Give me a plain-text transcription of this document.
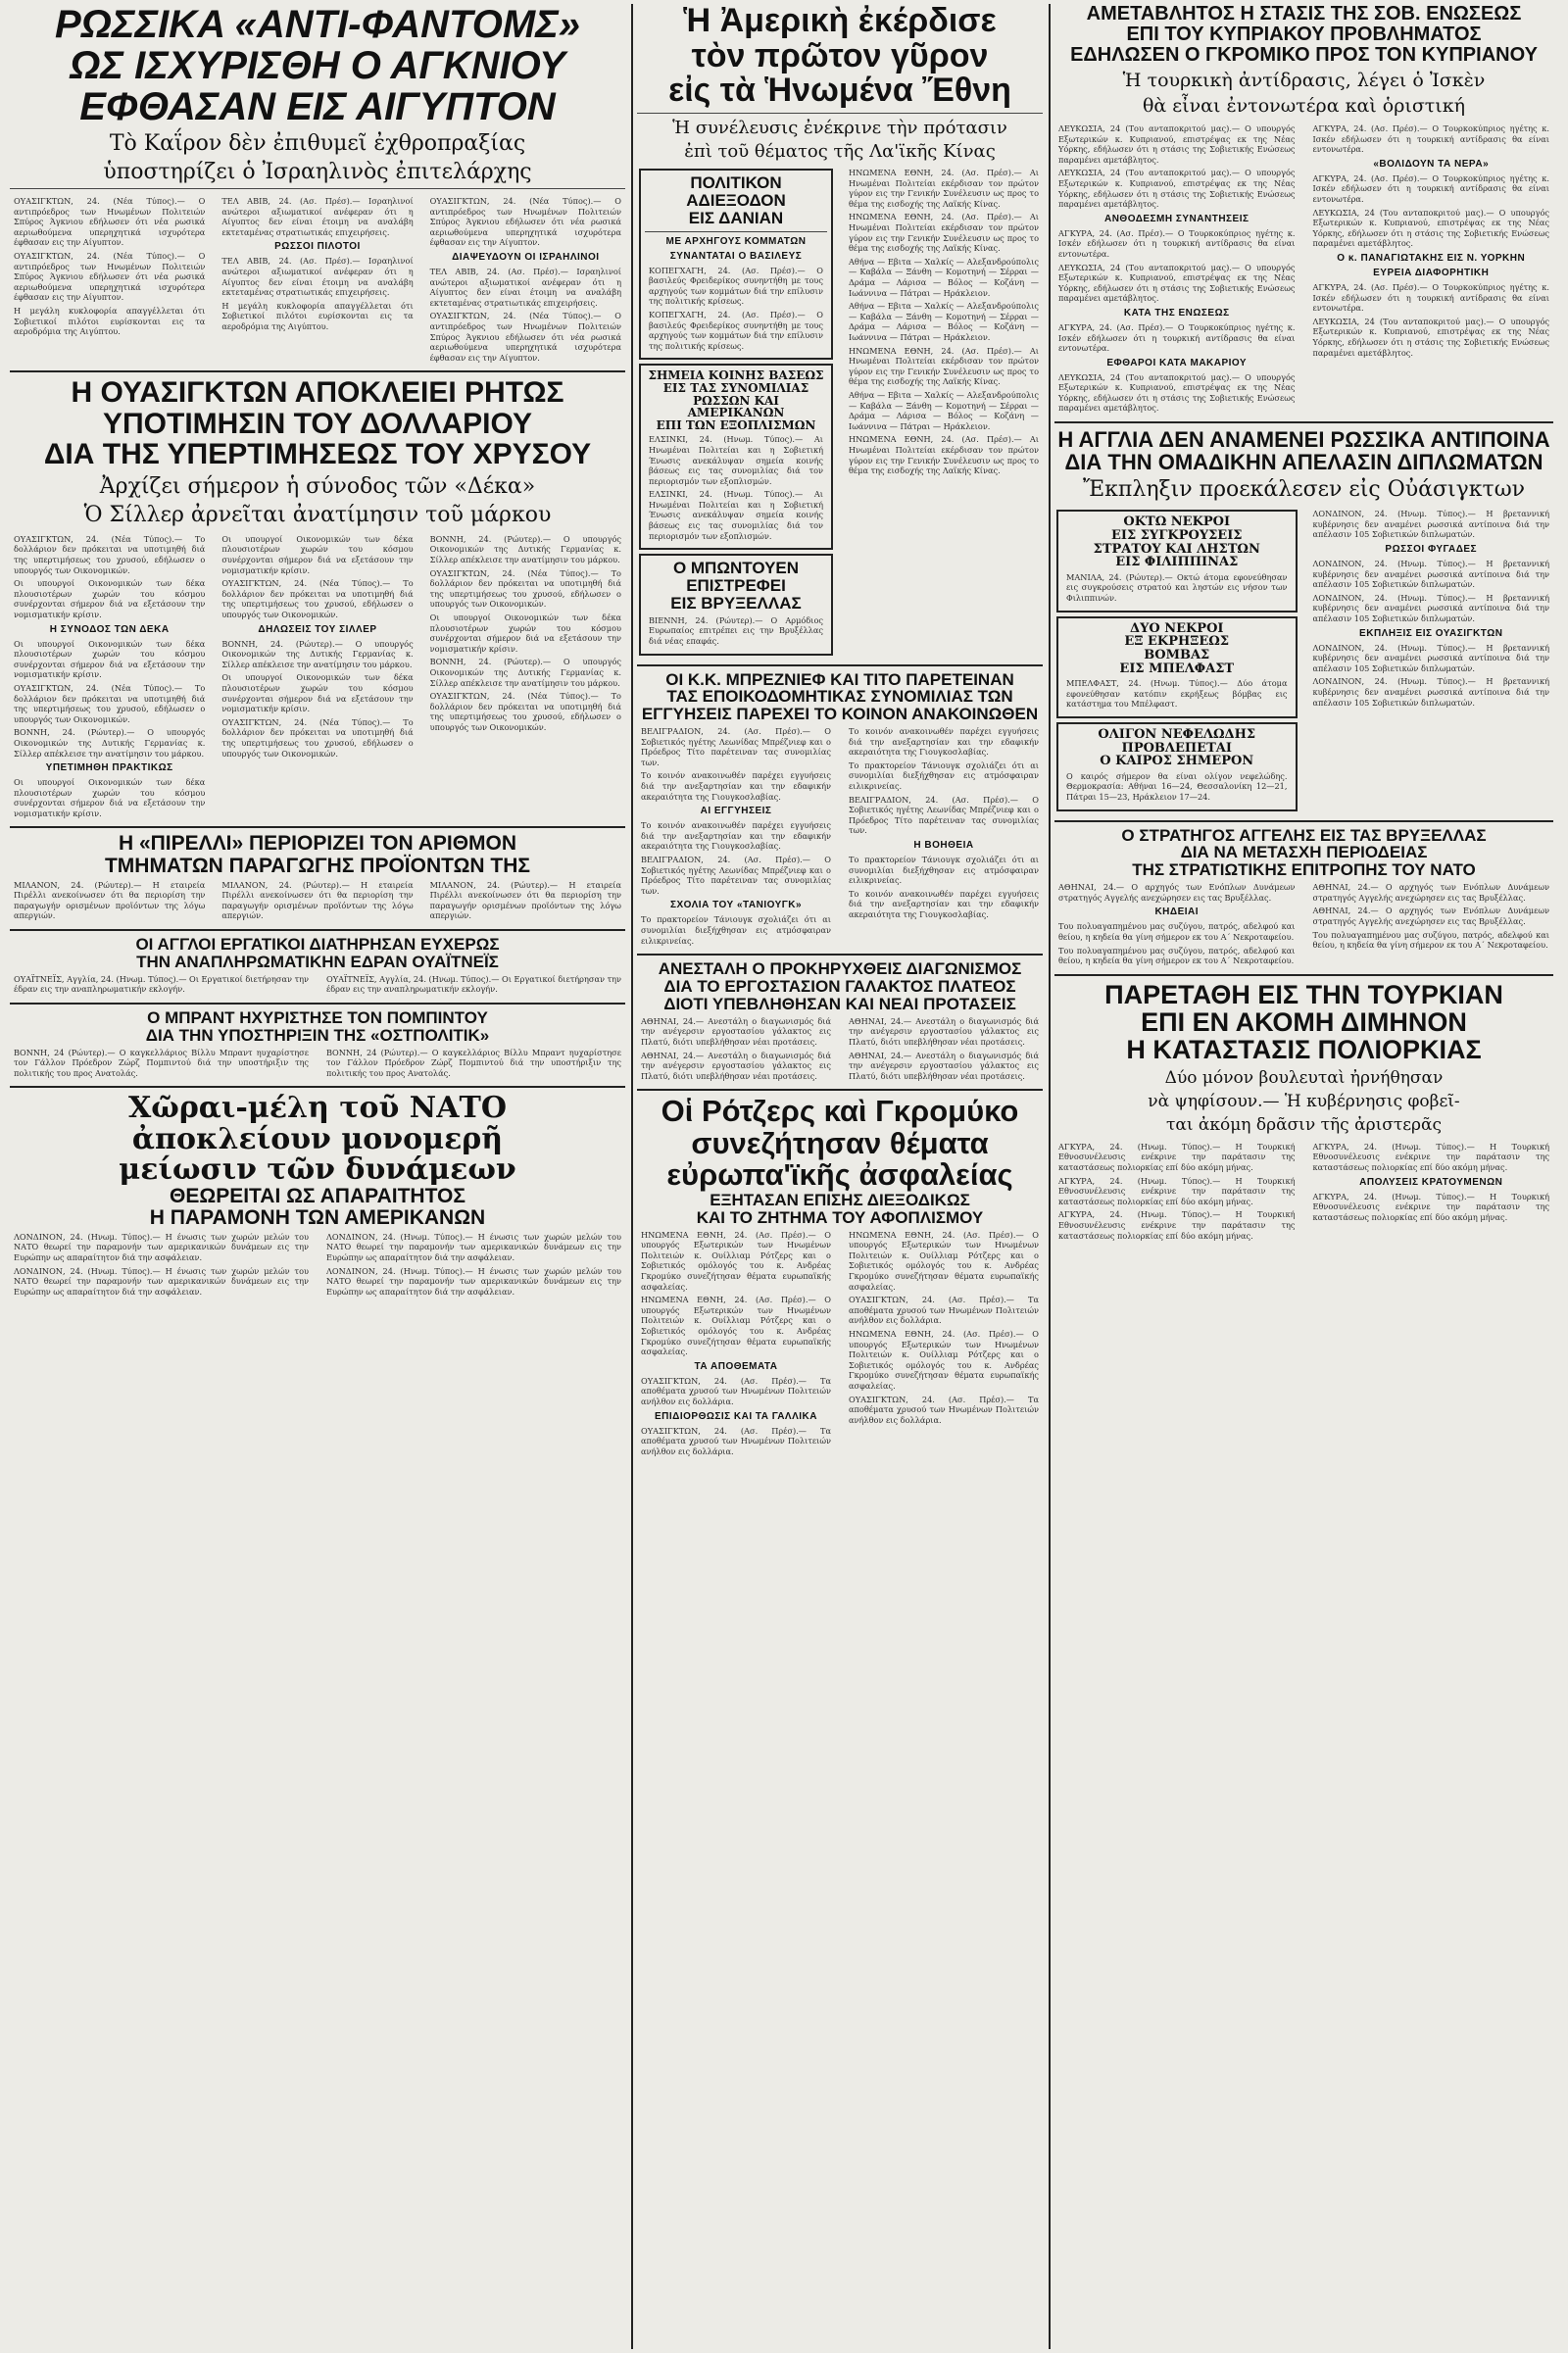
ΡΩΣΣΙΚΑ «ΑΝΤΙ-ΦΑΝΤΟΜΣ»

ΩΣ ΙΣΧΥΡΙΣΘΗ Ο ΑΓΚΝΙΟΥ

ΕΦΘΑΣΑΝ ΕΙΣ ΑΙΓΥΠΤΟΝ

Τὸ Καΐρον δὲν ἐπιθυμεῖ ἐχθροπραξίας

ὑποστηρίζει ὁ Ἰσραηλινὸς ἐπιτελάρχης

ΟΥΑΣΙΓΚΤΩΝ, 24. (Νέα Τύπος).— Ο αντιπρόεδρος των Ηνωμένων Πολιτειών Σπύρος Άγκνιου εδήλωσεν ότι νέα ρωσικά αεριωθούμενα υπερηχητικά ισχυρότερα έφθασαν εις την Αίγυπτον.

ΟΥΑΣΙΓΚΤΩΝ, 24. (Νέα Τύπος).— Ο αντιπρόεδρος των Ηνωμένων Πολιτειών Σπύρος Άγκνιου εδήλωσεν ότι νέα ρωσικά αεριωθούμενα υπερηχητικά ισχυρότερα έφθασαν εις την Αίγυπτον.

Η μεγάλη κυκλοφορία απαγγέλλεται ότι Σοβιετικοί πιλότοι ευρίσκονται εις τα αεροδρόμια της Αιγύπτου.

ΤΕΛ ΑΒΙΒ, 24. (Ασ. Πρέσ).— Ισραηλινοί ανώτεροι αξιωματικοί ανέφεραν ότι η Αίγυπτος δεν είναι έτοιμη να αναλάβη εκτεταμένας στρατιωτικάς επιχειρήσεις.

ΡΩΣΣΟΙ ΠΙΛΟΤΟΙ

ΤΕΛ ΑΒΙΒ, 24. (Ασ. Πρέσ).— Ισραηλινοί ανώτεροι αξιωματικοί ανέφεραν ότι η Αίγυπτος δεν είναι έτοιμη να αναλάβη εκτεταμένας στρατιωτικάς επιχειρήσεις.

Η μεγάλη κυκλοφορία απαγγέλλεται ότι Σοβιετικοί πιλότοι ευρίσκονται εις τα αεροδρόμια της Αιγύπτου.

ΟΥΑΣΙΓΚΤΩΝ, 24. (Νέα Τύπος).— Ο αντιπρόεδρος των Ηνωμένων Πολιτειών Σπύρος Άγκνιου εδήλωσεν ότι νέα ρωσικά αεριωθούμενα υπερηχητικά ισχυρότερα έφθασαν εις την Αίγυπτον.

ΔΙΑΨΕΥΔΟΥΝ ΟΙ ΙΣΡΑΗΛΙΝΟΙ

ΤΕΛ ΑΒΙΒ, 24. (Ασ. Πρέσ).— Ισραηλινοί ανώτεροι αξιωματικοί ανέφεραν ότι η Αίγυπτος δεν είναι έτοιμη να αναλάβη εκτεταμένας στρατιωτικάς επιχειρήσεις.

ΟΥΑΣΙΓΚΤΩΝ, 24. (Νέα Τύπος).— Ο αντιπρόεδρος των Ηνωμένων Πολιτειών Σπύρος Άγκνιου εδήλωσεν ότι νέα ρωσικά αεριωθούμενα υπερηχητικά ισχυρότερα έφθασαν εις την Αίγυπτον.

Η ΟΥΑΣΙΓΚΤΩΝ ΑΠΟΚΛΕΙΕΙ ΡΗΤΩΣ

ΥΠΟΤΙΜΗΣΙΝ ΤΟΥ ΔΟΛΛΑΡΙΟΥ

ΔΙΑ ΤΗΣ ΥΠΕΡΤΙΜΗΣΕΩΣ ΤΟΥ ΧΡΥΣΟΥ

Ἀρχίζει σήμερον ἡ σύνοδος τῶν «Δέκα»

Ὁ Σίλλερ ἀρνεῖται ἀνατίμησιν τοῦ μάρκου

ΟΥΑΣΙΓΚΤΩΝ, 24. (Νέα Τύπος).— Το δολλάριον δεν πρόκειται να υποτιμηθή διά της υπερτιμήσεως του χρυσού, εδήλωσεν ο υπουργός των Οικονομικών.

Οι υπουργοί Οικονομικών των δέκα πλουσιοτέρων χωρών του κόσμου συνέρχονται σήμερον διά να εξετάσουν την νομισματικήν κρίσιν.

Η ΣΥΝΟΔΟΣ ΤΩΝ ΔΕΚΑ

Οι υπουργοί Οικονομικών των δέκα πλουσιοτέρων χωρών του κόσμου συνέρχονται σήμερον διά να εξετάσουν την νομισματικήν κρίσιν.

ΟΥΑΣΙΓΚΤΩΝ, 24. (Νέα Τύπος).— Το δολλάριον δεν πρόκειται να υποτιμηθή διά της υπερτιμήσεως του χρυσού, εδήλωσεν ο υπουργός των Οικονομικών.

ΒΟΝΝΗ, 24. (Ρώυτερ).— Ο υπουργός Οικονομικών της Δυτικής Γερμανίας κ. Σίλλερ απέκλεισε την ανατίμησιν του μάρκου.

ΥΠΕΤΙΜΗΘΗ ΠΡΑΚΤΙΚΩΣ

Οι υπουργοί Οικονομικών των δέκα πλουσιοτέρων χωρών του κόσμου συνέρχονται σήμερον διά να εξετάσουν την νομισματικήν κρίσιν.

Οι υπουργοί Οικονομικών των δέκα πλουσιοτέρων χωρών του κόσμου συνέρχονται σήμερον διά να εξετάσουν την νομισματικήν κρίσιν.

ΟΥΑΣΙΓΚΤΩΝ, 24. (Νέα Τύπος).— Το δολλάριον δεν πρόκειται να υποτιμηθή διά της υπερτιμήσεως του χρυσού, εδήλωσεν ο υπουργός των Οικονομικών.

ΔΗΛΩΣΕΙΣ ΤΟΥ ΣΙΛΛΕΡ

ΒΟΝΝΗ, 24. (Ρώυτερ).— Ο υπουργός Οικονομικών της Δυτικής Γερμανίας κ. Σίλλερ απέκλεισε την ανατίμησιν του μάρκου.

Οι υπουργοί Οικονομικών των δέκα πλουσιοτέρων χωρών του κόσμου συνέρχονται σήμερον διά να εξετάσουν την νομισματικήν κρίσιν.

ΟΥΑΣΙΓΚΤΩΝ, 24. (Νέα Τύπος).— Το δολλάριον δεν πρόκειται να υποτιμηθή διά της υπερτιμήσεως του χρυσού, εδήλωσεν ο υπουργός των Οικονομικών.

ΒΟΝΝΗ, 24. (Ρώυτερ).— Ο υπουργός Οικονομικών της Δυτικής Γερμανίας κ. Σίλλερ απέκλεισε την ανατίμησιν του μάρκου.

ΟΥΑΣΙΓΚΤΩΝ, 24. (Νέα Τύπος).— Το δολλάριον δεν πρόκειται να υποτιμηθή διά της υπερτιμήσεως του χρυσού, εδήλωσεν ο υπουργός των Οικονομικών.

Οι υπουργοί Οικονομικών των δέκα πλουσιοτέρων χωρών του κόσμου συνέρχονται σήμερον διά να εξετάσουν την νομισματικήν κρίσιν.

ΒΟΝΝΗ, 24. (Ρώυτερ).— Ο υπουργός Οικονομικών της Δυτικής Γερμανίας κ. Σίλλερ απέκλεισε την ανατίμησιν του μάρκου.

ΟΥΑΣΙΓΚΤΩΝ, 24. (Νέα Τύπος).— Το δολλάριον δεν πρόκειται να υποτιμηθή διά της υπερτιμήσεως του χρυσού, εδήλωσεν ο υπουργός των Οικονομικών.

Η «ΠΙΡΕΛΛΙ» ΠΕΡΙΟΡΙΖΕΙ ΤΟΝ ΑΡΙΘΜΟΝ

ΤΜΗΜΑΤΩΝ ΠΑΡΑΓΩΓΗΣ ΠΡΟΪΟΝΤΩΝ ΤΗΣ

ΜΙΛΑΝΟΝ, 24. (Ρώυτερ).— Η εταιρεία Πιρέλλι ανεκοίνωσεν ότι θα περιορίση την παραγωγήν ορισμένων προϊόντων της λόγω απεργιών.

ΜΙΛΑΝΟΝ, 24. (Ρώυτερ).— Η εταιρεία Πιρέλλι ανεκοίνωσεν ότι θα περιορίση την παραγωγήν ορισμένων προϊόντων της λόγω απεργιών.

ΜΙΛΑΝΟΝ, 24. (Ρώυτερ).— Η εταιρεία Πιρέλλι ανεκοίνωσεν ότι θα περιορίση την παραγωγήν ορισμένων προϊόντων της λόγω απεργιών.

ΟΙ ΑΓΓΛΟΙ ΕΡΓΑΤΙΚΟΙ ΔΙΑΤΗΡΗΣΑΝ ΕΥΧΕΡΩΣ

ΤΗΝ ΑΝΑΠΛΗΡΩΜΑΤΙΚΗΝ ΕΔΡΑΝ ΟΥΑΪΤΝΕΪΣ

ΟΥΑΪΤΝΕΪΣ, Αγγλία, 24. (Ηνωμ. Τύπος).— Οι Εργατικοί διετήρησαν την έδραν εις την αναπληρωματικήν εκλογήν.

ΟΥΑΪΤΝΕΪΣ, Αγγλία, 24. (Ηνωμ. Τύπος).— Οι Εργατικοί διετήρησαν την έδραν εις την αναπληρωματικήν εκλογήν.

Ο ΜΠΡΑΝΤ ΗΧΥΡΙΣΤΗΣΕ ΤΟΝ ΠΟΜΠΙΝΤΟΥ

ΔΙΑ ΤΗΝ ΥΠΟΣΤΗΡΙΞΙΝ ΤΗΣ «ΟΣΤΠΟΛΙΤΙΚ»

ΒΟΝΝΗ, 24 (Ρώυτερ).— Ο καγκελλάριος Βίλλυ Μπραντ ηυχαρίστησε τον Γάλλον Πρόεδρον Ζώρζ Πομπιντού διά την υποστήριξιν της πολιτικής του προς Ανατολάς.

ΒΟΝΝΗ, 24 (Ρώυτερ).— Ο καγκελλάριος Βίλλυ Μπραντ ηυχαρίστησε τον Γάλλον Πρόεδρον Ζώρζ Πομπιντού διά την υποστήριξιν της πολιτικής του προς Ανατολάς.

Χῶραι-μέλη τοῦ ΝΑΤΟ

ἀποκλείουν μονομερῆ

μείωσιν τῶν δυνάμεων

ΘΕΩΡΕΙΤΑΙ ΩΣ ΑΠΑΡΑΙΤΗΤΟΣ

Η ΠΑΡΑΜΟΝΗ ΤΩΝ ΑΜΕΡΙΚΑΝΩΝ

ΛΟΝΔΙΝΟΝ, 24. (Ηνωμ. Τύπος).— Η ένωσις των χωρών μελών του ΝΑΤΟ θεωρεί την παραμονήν των αμερικανικών δυνάμεων εις την Ευρώπην ως απαραίτητον διά την ασφάλειαν.

ΛΟΝΔΙΝΟΝ, 24. (Ηνωμ. Τύπος).— Η ένωσις των χωρών μελών του ΝΑΤΟ θεωρεί την παραμονήν των αμερικανικών δυνάμεων εις την Ευρώπην ως απαραίτητον διά την ασφάλειαν.

ΛΟΝΔΙΝΟΝ, 24. (Ηνωμ. Τύπος).— Η ένωσις των χωρών μελών του ΝΑΤΟ θεωρεί την παραμονήν των αμερικανικών δυνάμεων εις την Ευρώπην ως απαραίτητον διά την ασφάλειαν.

ΛΟΝΔΙΝΟΝ, 24. (Ηνωμ. Τύπος).— Η ένωσις των χωρών μελών του ΝΑΤΟ θεωρεί την παραμονήν των αμερικανικών δυνάμεων εις την Ευρώπην ως απαραίτητον διά την ασφάλειαν.

Ἡ Ἀμερικὴ ἐκέρδισε

τὸν πρῶτον γῦρον

εἰς τὰ Ἡνωμένα Ἔθνη

Ἡ συνέλευσις ἐνέκρινε τὴν πρότασιν

ἐπὶ τοῦ θέματος τῆς Λα'ϊκῆς Κίνας

ΠΟΛΙΤΙΚΟΝ

ΑΔΙΕΞΟΔΟΝ

ΕΙΣ ΔΑΝΙΑΝ

ΜΕ ΑΡΧΗΓΟΥΣ ΚΟΜΜΑΤΩΝ

ΣΥΝΑΝΤΑΤΑΙ Ο ΒΑΣΙΛΕΥΣ

ΚΟΠΕΓΧΑΓΗ, 24. (Ασ. Πρέσ).— Ο βασιλεύς Φρειδερίκος συνηντήθη με τους αρχηγούς των κομμάτων διά την επίλυσιν της πολιτικής κρίσεως.

ΚΟΠΕΓΧΑΓΗ, 24. (Ασ. Πρέσ).— Ο βασιλεύς Φρειδερίκος συνηντήθη με τους αρχηγούς των κομμάτων διά την επίλυσιν της πολιτικής κρίσεως.

ΣΗΜΕΙΑ ΚΟΙΝΗΣ ΒΑΣΕΩΣ

ΕΙΣ ΤΑΣ ΣΥΝΟΜΙΛΙΑΣ

ΡΩΣΣΩΝ ΚΑΙ ΑΜΕΡΙΚΑΝΩΝ

ΕΠΙ ΤΩΝ ΕΞΟΠΛΙΣΜΩΝ

ΕΛΣΙΝΚΙ, 24. (Ηνωμ. Τύπος).— Αι Ηνωμέναι Πολιτείαι και η Σοβιετική Ένωσις ανεκάλυψαν σημεία κοινής βάσεως εις τας συνομιλίας διά τον περιορισμόν των εξοπλισμών.

ΕΛΣΙΝΚΙ, 24. (Ηνωμ. Τύπος).— Αι Ηνωμέναι Πολιτείαι και η Σοβιετική Ένωσις ανεκάλυψαν σημεία κοινής βάσεως εις τας συνομιλίας διά τον περιορισμόν των εξοπλισμών.

Ο ΜΠΩΝΤΟΥΕΝ

ΕΠΙΣΤΡΕΦΕΙ

ΕΙΣ ΒΡΥΞΕΛΛΑΣ

ΒΙΕΝΝΗ, 24. (Ρώυτερ).— Ο Αρμόδιος Ευρωπαίος επιτρέπει εις την Βρυξέλλας διά νέας επαφάς.

ΗΝΩΜΕΝΑ ΕΘΝΗ, 24. (Ασ. Πρέσ).— Αι Ηνωμέναι Πολιτείαι εκέρδισαν τον πρώτον γύρον εις την Γενικήν Συνέλευσιν ως προς το θέμα της εισδοχής της Λαϊκής Κίνας.

ΗΝΩΜΕΝΑ ΕΘΝΗ, 24. (Ασ. Πρέσ).— Αι Ηνωμέναι Πολιτείαι εκέρδισαν τον πρώτον γύρον εις την Γενικήν Συνέλευσιν ως προς το θέμα της εισδοχής της Λαϊκής Κίνας.

Αθήνα — Εβιτα — Χαλκίς — Αλεξανδρούπολις — Καβάλα — Ξάνθη — Κομοτηνή — Σέρραι — Δράμα — Λάρισα — Βόλος — Κοζάνη — Ιωάννινα — Πάτραι — Ηράκλειον.

Αθήνα — Εβιτα — Χαλκίς — Αλεξανδρούπολις — Καβάλα — Ξάνθη — Κομοτηνή — Σέρραι — Δράμα — Λάρισα — Βόλος — Κοζάνη — Ιωάννινα — Πάτραι — Ηράκλειον.

ΗΝΩΜΕΝΑ ΕΘΝΗ, 24. (Ασ. Πρέσ).— Αι Ηνωμέναι Πολιτείαι εκέρδισαν τον πρώτον γύρον εις την Γενικήν Συνέλευσιν ως προς το θέμα της εισδοχής της Λαϊκής Κίνας.

Αθήνα — Εβιτα — Χαλκίς — Αλεξανδρούπολις — Καβάλα — Ξάνθη — Κομοτηνή — Σέρραι — Δράμα — Λάρισα — Βόλος — Κοζάνη — Ιωάννινα — Πάτραι — Ηράκλειον.

ΗΝΩΜΕΝΑ ΕΘΝΗ, 24. (Ασ. Πρέσ).— Αι Ηνωμέναι Πολιτείαι εκέρδισαν τον πρώτον γύρον εις την Γενικήν Συνέλευσιν ως προς το θέμα της εισδοχής της Λαϊκής Κίνας.

ΟΙ Κ.Κ. ΜΠΡΕΖΝΙΕΦ ΚΑΙ ΤΙΤΟ ΠΑΡΕΤΕΙΝΑΝ

ΤΑΣ ΕΠΟΙΚΟΔΟΜΗΤΙΚΑΣ ΣΥΝΟΜΙΛΙΑΣ ΤΩΝ

ΕΓΓΥΗΣΕΙΣ ΠΑΡΕΧΕΙ ΤΟ ΚΟΙΝΟΝ ΑΝΑΚΟΙΝΩΘΕΝ

ΒΕΛΙΓΡΑΔΙΟΝ, 24. (Ασ. Πρέσ).— Ο Σοβιετικός ηγέτης Λεωνίδας Μπρέζνιεφ και ο Πρόεδρος Τίτο παρέτειναν τας συνομιλίας των.

Το κοινόν ανακοινωθέν παρέχει εγγυήσεις διά την ανεξαρτησίαν και την εδαφικήν ακεραιότητα της Γιουγκοσλαβίας.

ΑΙ ΕΓΓΥΗΣΕΙΣ

Το κοινόν ανακοινωθέν παρέχει εγγυήσεις διά την ανεξαρτησίαν και την εδαφικήν ακεραιότητα της Γιουγκοσλαβίας.

ΒΕΛΙΓΡΑΔΙΟΝ, 24. (Ασ. Πρέσ).— Ο Σοβιετικός ηγέτης Λεωνίδας Μπρέζνιεφ και ο Πρόεδρος Τίτο παρέτειναν τας συνομιλίας των.

ΣΧΟΛΙΑ ΤΟΥ «ΤΑΝΙΟΥΓΚ»

Το πρακτορείον Τάνιουγκ σχολιάζει ότι αι συνομιλίαι διεξήχθησαν εις ατμόσφαιραν ειλικρινείας.

Το κοινόν ανακοινωθέν παρέχει εγγυήσεις διά την ανεξαρτησίαν και την εδαφικήν ακεραιότητα της Γιουγκοσλαβίας.

Το πρακτορείον Τάνιουγκ σχολιάζει ότι αι συνομιλίαι διεξήχθησαν εις ατμόσφαιραν ειλικρινείας.

ΒΕΛΙΓΡΑΔΙΟΝ, 24. (Ασ. Πρέσ).— Ο Σοβιετικός ηγέτης Λεωνίδας Μπρέζνιεφ και ο Πρόεδρος Τίτο παρέτειναν τας συνομιλίας των.

Η ΒΟΗΘΕΙΑ

Το πρακτορείον Τάνιουγκ σχολιάζει ότι αι συνομιλίαι διεξήχθησαν εις ατμόσφαιραν ειλικρινείας.

Το κοινόν ανακοινωθέν παρέχει εγγυήσεις διά την ανεξαρτησίαν και την εδαφικήν ακεραιότητα της Γιουγκοσλαβίας.

ΑΝΕΣΤΑΛΗ Ο ΠΡΟΚΗΡΥΧΘΕΙΣ ΔΙΑΓΩΝΙΣΜΟΣ

ΔΙΑ ΤΟ ΕΡΓΟΣΤΑΣΙΟΝ ΓΑΛΑΚΤΟΣ ΠΛΑΤΕΟΣ

ΔΙΟΤΙ ΥΠΕΒΛΗΘΗΣΑΝ ΚΑΙ ΝΕΑΙ ΠΡΟΤΑΣΕΙΣ

ΑΘΗΝΑΙ, 24.— Ανεστάλη ο διαγωνισμός διά την ανέγερσιν εργοστασίου γάλακτος εις Πλατύ, διότι υπεβλήθησαν νέαι προτάσεις.

ΑΘΗΝΑΙ, 24.— Ανεστάλη ο διαγωνισμός διά την ανέγερσιν εργοστασίου γάλακτος εις Πλατύ, διότι υπεβλήθησαν νέαι προτάσεις.

ΑΘΗΝΑΙ, 24.— Ανεστάλη ο διαγωνισμός διά την ανέγερσιν εργοστασίου γάλακτος εις Πλατύ, διότι υπεβλήθησαν νέαι προτάσεις.

ΑΘΗΝΑΙ, 24.— Ανεστάλη ο διαγωνισμός διά την ανέγερσιν εργοστασίου γάλακτος εις Πλατύ, διότι υπεβλήθησαν νέαι προτάσεις.

Οἱ Ρότζερς καὶ Γκρομύκο

συνεζήτησαν θέματα

εὐρωπα'ϊκῆς ἀσφαλείας

ΕΞΗΤΑΣΑΝ ΕΠΙΣΗΣ ΔΙΕΞΟΔΙΚΩΣ

ΚΑΙ ΤΟ ΖΗΤΗΜΑ ΤΟΥ ΑΦΟΠΛΙΣΜΟΥ

ΗΝΩΜΕΝΑ ΕΘΝΗ, 24. (Ασ. Πρέσ).— Ο υπουργός Εξωτερικών των Ηνωμένων Πολιτειών κ. Ουίλλιαμ Ρότζερς και ο Σοβιετικός ομόλογός του κ. Ανδρέας Γκρομύκο συνεζήτησαν θέματα ευρωπαϊκής ασφαλείας.

ΗΝΩΜΕΝΑ ΕΘΝΗ, 24. (Ασ. Πρέσ).— Ο υπουργός Εξωτερικών των Ηνωμένων Πολιτειών κ. Ουίλλιαμ Ρότζερς και ο Σοβιετικός ομόλογός του κ. Ανδρέας Γκρομύκο συνεζήτησαν θέματα ευρωπαϊκής ασφαλείας.

ΤΑ ΑΠΟΘΕΜΑΤΑ

ΟΥΑΣΙΓΚΤΩΝ, 24. (Ασ. Πρέσ).— Τα αποθέματα χρυσού των Ηνωμένων Πολιτειών ανήλθον εις δολλάρια.

ΕΠΙΔΙΟΡΘΩΣΙΣ ΚΑΙ ΤΑ ΓΑΛΛΙΚΑ

ΟΥΑΣΙΓΚΤΩΝ, 24. (Ασ. Πρέσ).— Τα αποθέματα χρυσού των Ηνωμένων Πολιτειών ανήλθον εις δολλάρια.

ΗΝΩΜΕΝΑ ΕΘΝΗ, 24. (Ασ. Πρέσ).— Ο υπουργός Εξωτερικών των Ηνωμένων Πολιτειών κ. Ουίλλιαμ Ρότζερς και ο Σοβιετικός ομόλογός του κ. Ανδρέας Γκρομύκο συνεζήτησαν θέματα ευρωπαϊκής ασφαλείας.

ΟΥΑΣΙΓΚΤΩΝ, 24. (Ασ. Πρέσ).— Τα αποθέματα χρυσού των Ηνωμένων Πολιτειών ανήλθον εις δολλάρια.

ΗΝΩΜΕΝΑ ΕΘΝΗ, 24. (Ασ. Πρέσ).— Ο υπουργός Εξωτερικών των Ηνωμένων Πολιτειών κ. Ουίλλιαμ Ρότζερς και ο Σοβιετικός ομόλογός του κ. Ανδρέας Γκρομύκο συνεζήτησαν θέματα ευρωπαϊκής ασφαλείας.

ΟΥΑΣΙΓΚΤΩΝ, 24. (Ασ. Πρέσ).— Τα αποθέματα χρυσού των Ηνωμένων Πολιτειών ανήλθον εις δολλάρια.

ΑΜΕΤΑΒΛΗΤΟΣ Η ΣΤΑΣΙΣ ΤΗΣ ΣΟΒ. ΕΝΩΣΕΩΣ

ΕΠΙ ΤΟΥ ΚΥΠΡΙΑΚΟΥ ΠΡΟΒΛΗΜΑΤΟΣ

ΕΔΗΛΩΣΕΝ Ο ΓΚΡΟΜΙΚΟ ΠΡΟΣ ΤΟΝ ΚΥΠΡΙΑΝΟΥ

Ἡ τουρκικὴ ἀντίδρασις, λέγει ὁ Ἰσκὲν

θὰ εἶναι ἐντονωτέρα καὶ ὁριστική

ΛΕΥΚΩΣΙΑ, 24 (Του ανταποκριτού μας).— Ο υπουργός Εξωτερικών κ. Κυπριανού, επιστρέψας εκ της Νέας Υόρκης, εδήλωσεν ότι η στάσις της Σοβιετικής Ενώσεως παραμένει αμετάβλητος.

ΛΕΥΚΩΣΙΑ, 24 (Του ανταποκριτού μας).— Ο υπουργός Εξωτερικών κ. Κυπριανού, επιστρέψας εκ της Νέας Υόρκης, εδήλωσεν ότι η στάσις της Σοβιετικής Ενώσεως παραμένει αμετάβλητος.

ΑΝΘΟΔΕΣΜΗ ΣΥΝΑΝΤΗΣΕΙΣ

ΑΓΚΥΡΑ, 24. (Ασ. Πρέσ).— Ο Τουρκοκύπριος ηγέτης κ. Ισκέν εδήλωσεν ότι η τουρκική αντίδρασις θα είναι εντονωτέρα.

ΛΕΥΚΩΣΙΑ, 24 (Του ανταποκριτού μας).— Ο υπουργός Εξωτερικών κ. Κυπριανού, επιστρέψας εκ της Νέας Υόρκης, εδήλωσεν ότι η στάσις της Σοβιετικής Ενώσεως παραμένει αμετάβλητος.

ΚΑΤΑ ΤΗΣ ΕΝΩΣΕΩΣ

ΑΓΚΥΡΑ, 24. (Ασ. Πρέσ).— Ο Τουρκοκύπριος ηγέτης κ. Ισκέν εδήλωσεν ότι η τουρκική αντίδρασις θα είναι εντονωτέρα.

ΕΦΘΑΡΟΙ ΚΑΤΑ ΜΑΚΑΡΙΟΥ

ΛΕΥΚΩΣΙΑ, 24 (Του ανταποκριτού μας).— Ο υπουργός Εξωτερικών κ. Κυπριανού, επιστρέψας εκ της Νέας Υόρκης, εδήλωσεν ότι η στάσις της Σοβιετικής Ενώσεως παραμένει αμετάβλητος.

ΑΓΚΥΡΑ, 24. (Ασ. Πρέσ).— Ο Τουρκοκύπριος ηγέτης κ. Ισκέν εδήλωσεν ότι η τουρκική αντίδρασις θα είναι εντονωτέρα.

«ΒΟΛΙΔΟΥΝ ΤΑ ΝΕΡΑ»

ΑΓΚΥΡΑ, 24. (Ασ. Πρέσ).— Ο Τουρκοκύπριος ηγέτης κ. Ισκέν εδήλωσεν ότι η τουρκική αντίδρασις θα είναι εντονωτέρα.

ΛΕΥΚΩΣΙΑ, 24 (Του ανταποκριτού μας).— Ο υπουργός Εξωτερικών κ. Κυπριανού, επιστρέψας εκ της Νέας Υόρκης, εδήλωσεν ότι η στάσις της Σοβιετικής Ενώσεως παραμένει αμετάβλητος.

Ο κ. ΠΑΝΑΓΙΩΤΑΚΗΣ ΕΙΣ Ν. ΥΟΡΚΗΝ

ΕΥΡΕΙΑ ΔΙΑΦΟΡΗΤΙΚΗ

ΑΓΚΥΡΑ, 24. (Ασ. Πρέσ).— Ο Τουρκοκύπριος ηγέτης κ. Ισκέν εδήλωσεν ότι η τουρκική αντίδρασις θα είναι εντονωτέρα.

ΛΕΥΚΩΣΙΑ, 24 (Του ανταποκριτού μας).— Ο υπουργός Εξωτερικών κ. Κυπριανού, επιστρέψας εκ της Νέας Υόρκης, εδήλωσεν ότι η στάσις της Σοβιετικής Ενώσεως παραμένει αμετάβλητος.

Η ΑΓΓΛΙΑ ΔΕΝ ΑΝΑΜΕΝΕΙ ΡΩΣΣΙΚΑ ΑΝΤΙΠΟΙΝΑ

ΔΙΑ ΤΗΝ ΟΜΑΔΙΚΗΝ ΑΠΕΛΑΣΙΝ ΔΙΠΛΩΜΑΤΩΝ

Ἔκπληξιν προεκάλεσεν εἰς Οὐάσιγκτων

ΟΚΤΩ ΝΕΚΡΟΙ

ΕΙΣ ΣΥΓΚΡΟΥΣΕΙΣ

ΣΤΡΑΤΟΥ ΚΑΙ ΛΗΣΤΩΝ

ΕΙΣ ΦΙΛΙΠΠΙΝΑΣ

ΜΑΝΙΛΑ, 24. (Ρώυτερ).— Οκτώ άτομα εφονεύθησαν εις συγκρούσεις στρατού και ληστών εις νήσον των Φιλιππινών.

ΔΥΟ ΝΕΚΡΟΙ

ΕΞ ΕΚΡΗΞΕΩΣ

ΒΟΜΒΑΣ

ΕΙΣ ΜΠΕΛΦΑΣΤ

ΜΠΕΛΦΑΣΤ, 24. (Ηνωμ. Τύπος).— Δύο άτομα εφονεύθησαν κατόπιν εκρήξεως βόμβας εις κατάστημα του Μπέλφαστ.

ΟΛΙΓΟΝ ΝΕΦΕΛΩΔΗΣ

ΠΡΟΒΛΕΠΕΤΑΙ

Ο ΚΑΙΡΟΣ ΣΗΜΕΡΟΝ

Ο καιρός σήμερον θα είναι ολίγον νεφελώδης. Θερμοκρασία: Αθήναι 16—24, Θεσσαλονίκη 12—21, Πάτραι 15—23, Ηράκλειον 17—24.

ΛΟΝΔΙΝΟΝ, 24. (Ηνωμ. Τύπος).— Η βρεταννική κυβέρνησις δεν αναμένει ρωσσικά αντίποινα διά την απέλασιν 105 Σοβιετικών διπλωματών.

ΡΩΣΣΟΙ ΦΥΓΑΔΕΣ

ΛΟΝΔΙΝΟΝ, 24. (Ηνωμ. Τύπος).— Η βρεταννική κυβέρνησις δεν αναμένει ρωσσικά αντίποινα διά την απέλασιν 105 Σοβιετικών διπλωματών.

ΛΟΝΔΙΝΟΝ, 24. (Ηνωμ. Τύπος).— Η βρεταννική κυβέρνησις δεν αναμένει ρωσσικά αντίποινα διά την απέλασιν 105 Σοβιετικών διπλωματών.

ΕΚΠΛΗΞΙΣ ΕΙΣ ΟΥΑΣΙΓΚΤΩΝ

ΛΟΝΔΙΝΟΝ, 24. (Ηνωμ. Τύπος).— Η βρεταννική κυβέρνησις δεν αναμένει ρωσσικά αντίποινα διά την απέλασιν 105 Σοβιετικών διπλωματών.

ΛΟΝΔΙΝΟΝ, 24. (Ηνωμ. Τύπος).— Η βρεταννική κυβέρνησις δεν αναμένει ρωσσικά αντίποινα διά την απέλασιν 105 Σοβιετικών διπλωματών.

Ο ΣΤΡΑΤΗΓΟΣ ΑΓΓΕΛΗΣ ΕΙΣ ΤΑΣ ΒΡΥΞΕΛΛΑΣ

ΔΙΑ ΝΑ ΜΕΤΑΣΧΗ ΠΕΡΙΟΔΕΙΑΣ

ΤΗΣ ΣΤΡΑΤΙΩΤΙΚΗΣ ΕΠΙΤΡΟΠΗΣ ΤΟΥ ΝΑΤΟ

ΑΘΗΝΑΙ, 24.— Ο αρχηγός των Ενόπλων Δυνάμεων στρατηγός Αγγελής ανεχώρησεν εις τας Βρυξέλλας.

ΚΗΔΕΙΑΙ

Του πολυαγαπημένου μας συζύγου, πατρός, αδελφού και θείου, η κηδεία θα γίνη σήμερον εκ του Α΄ Νεκροταφείου.

Του πολυαγαπημένου μας συζύγου, πατρός, αδελφού και θείου, η κηδεία θα γίνη σήμερον εκ του Α΄ Νεκροταφείου.

ΑΘΗΝΑΙ, 24.— Ο αρχηγός των Ενόπλων Δυνάμεων στρατηγός Αγγελής ανεχώρησεν εις τας Βρυξέλλας.

ΑΘΗΝΑΙ, 24.— Ο αρχηγός των Ενόπλων Δυνάμεων στρατηγός Αγγελής ανεχώρησεν εις τας Βρυξέλλας.

Του πολυαγαπημένου μας συζύγου, πατρός, αδελφού και θείου, η κηδεία θα γίνη σήμερον εκ του Α΄ Νεκροταφείου.

ΠΑΡΕΤΑΘΗ ΕΙΣ ΤΗΝ ΤΟΥΡΚΙΑΝ

ΕΠΙ ΕΝ ΑΚΟΜΗ ΔΙΜΗΝΟΝ

Η ΚΑΤΑΣΤΑΣΙΣ ΠΟΛΙΟΡΚΙΑΣ

Δύο μόνον βουλευταὶ ἠρνήθησαν

νὰ ψηφίσουν.— Ἡ κυβέρνησις φοβεῖ-

ται ἀκόμη δρᾶσιν τῆς ἀριστερᾶς

ΑΓΚΥΡΑ, 24. (Ηνωμ. Τύπος).— Η Τουρκική Εθνοσυνέλευσις ενέκρινε την παράτασιν της καταστάσεως πολιορκίας επί δύο ακόμη μήνας.

ΑΓΚΥΡΑ, 24. (Ηνωμ. Τύπος).— Η Τουρκική Εθνοσυνέλευσις ενέκρινε την παράτασιν της καταστάσεως πολιορκίας επί δύο ακόμη μήνας.

ΑΓΚΥΡΑ, 24. (Ηνωμ. Τύπος).— Η Τουρκική Εθνοσυνέλευσις ενέκρινε την παράτασιν της καταστάσεως πολιορκίας επί δύο ακόμη μήνας.

ΑΓΚΥΡΑ, 24. (Ηνωμ. Τύπος).— Η Τουρκική Εθνοσυνέλευσις ενέκρινε την παράτασιν της καταστάσεως πολιορκίας επί δύο ακόμη μήνας.

ΑΠΟΛΥΣΕΙΣ ΚΡΑΤΟΥΜΕΝΩΝ

ΑΓΚΥΡΑ, 24. (Ηνωμ. Τύπος).— Η Τουρκική Εθνοσυνέλευσις ενέκρινε την παράτασιν της καταστάσεως πολιορκίας επί δύο ακόμη μήνας.
